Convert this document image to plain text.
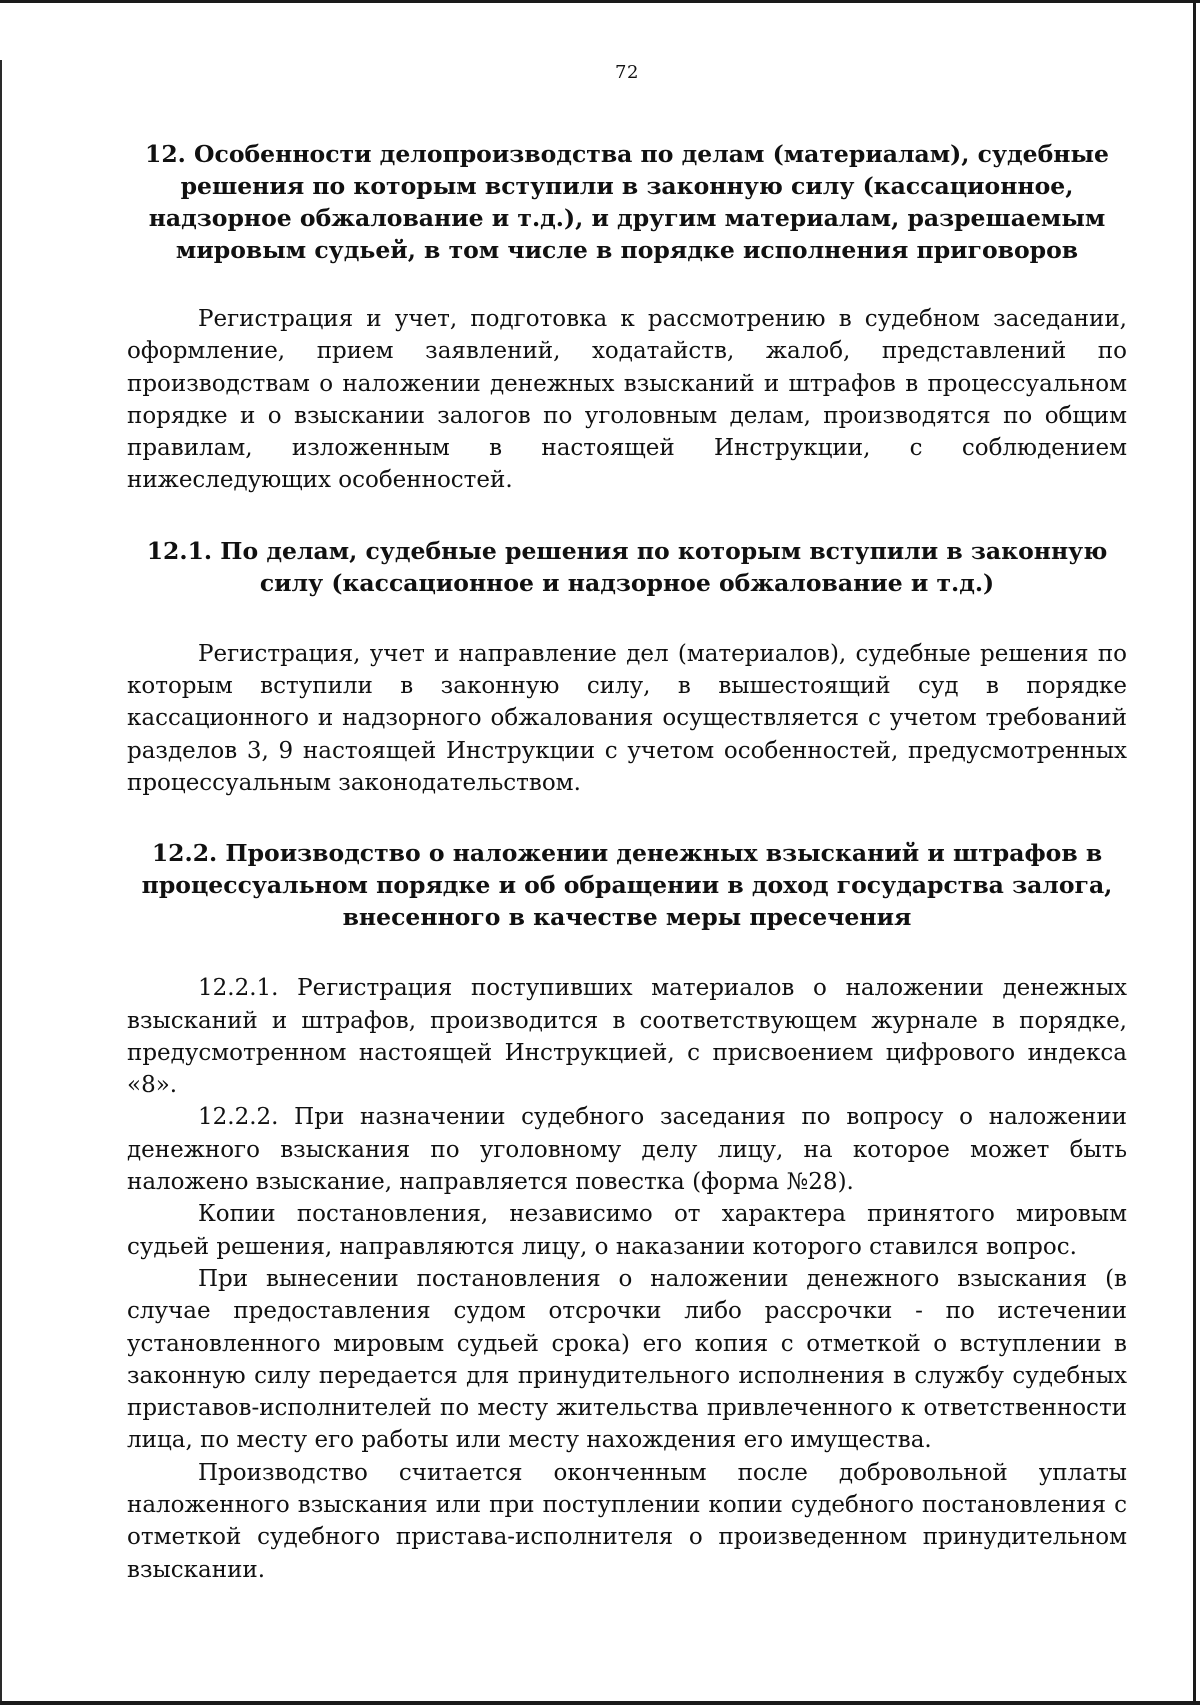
72
12. Особенности делопроизводства по делам (материалам), судебные решения по которым вступили в законную силу (кассационное, надзорное обжалование и т.д.), и другим материалам, разрешаемым мировым судьей, в том числе в порядке исполнения приговоров

Регистрация и учет, подготовка к рассмотрению в судебном заседании, оформление, прием заявлений, ходатайств, жалоб, представлений по производствам о наложении денежных взысканий и штрафов в процессуальном порядке и о взыскании залогов по уголовным делам, производятся по общим правилам, изложенным в настоящей Инструкции, с соблюдением нижеследующих особенностей.

12.1. По делам, судебные решения по которым вступили в законную силу (кассационное и надзорное обжалование и т.д.)

Регистрация, учет и направление дел (материалов), судебные решения по которым вступили в законную силу, в вышестоящий суд в порядке кассационного и надзорного обжалования осуществляется с учетом требований разделов 3, 9 настоящей Инструкции с учетом особенностей, предусмотренных процессуальным законодательством.

12.2. Производство о наложении денежных взысканий и штрафов в процессуальном порядке и об обращении в доход государства залога, внесенного в качестве меры пресечения

12.2.1. Регистрация поступивших материалов о наложении денежных взысканий и штрафов, производится в соответствующем журнале в порядке, предусмотренном настоящей Инструкцией, с присвоением цифрового индекса «8».

12.2.2. При назначении судебного заседания по вопросу о наложении денежного взыскания по уголовному делу лицу, на которое может быть наложено взыскание, направляется повестка (форма №28).

Копии постановления, независимо от характера принятого мировым судьей решения, направляются лицу, о наказании которого ставился вопрос.

При вынесении постановления о наложении денежного взыскания (в случае предоставления судом отсрочки либо рассрочки - по истечении установленного мировым судьей срока) его копия с отметкой о вступлении в законную силу передается для принудительного исполнения в службу судебных приставов-исполнителей по месту жительства привлеченного к ответственности лица, по месту его работы или месту нахождения его имущества.

Производство считается оконченным после добровольной уплаты наложенного взыскания или при поступлении копии судебного постановления с отметкой судебного пристава-исполнителя о произведенном принудительном взыскании.
